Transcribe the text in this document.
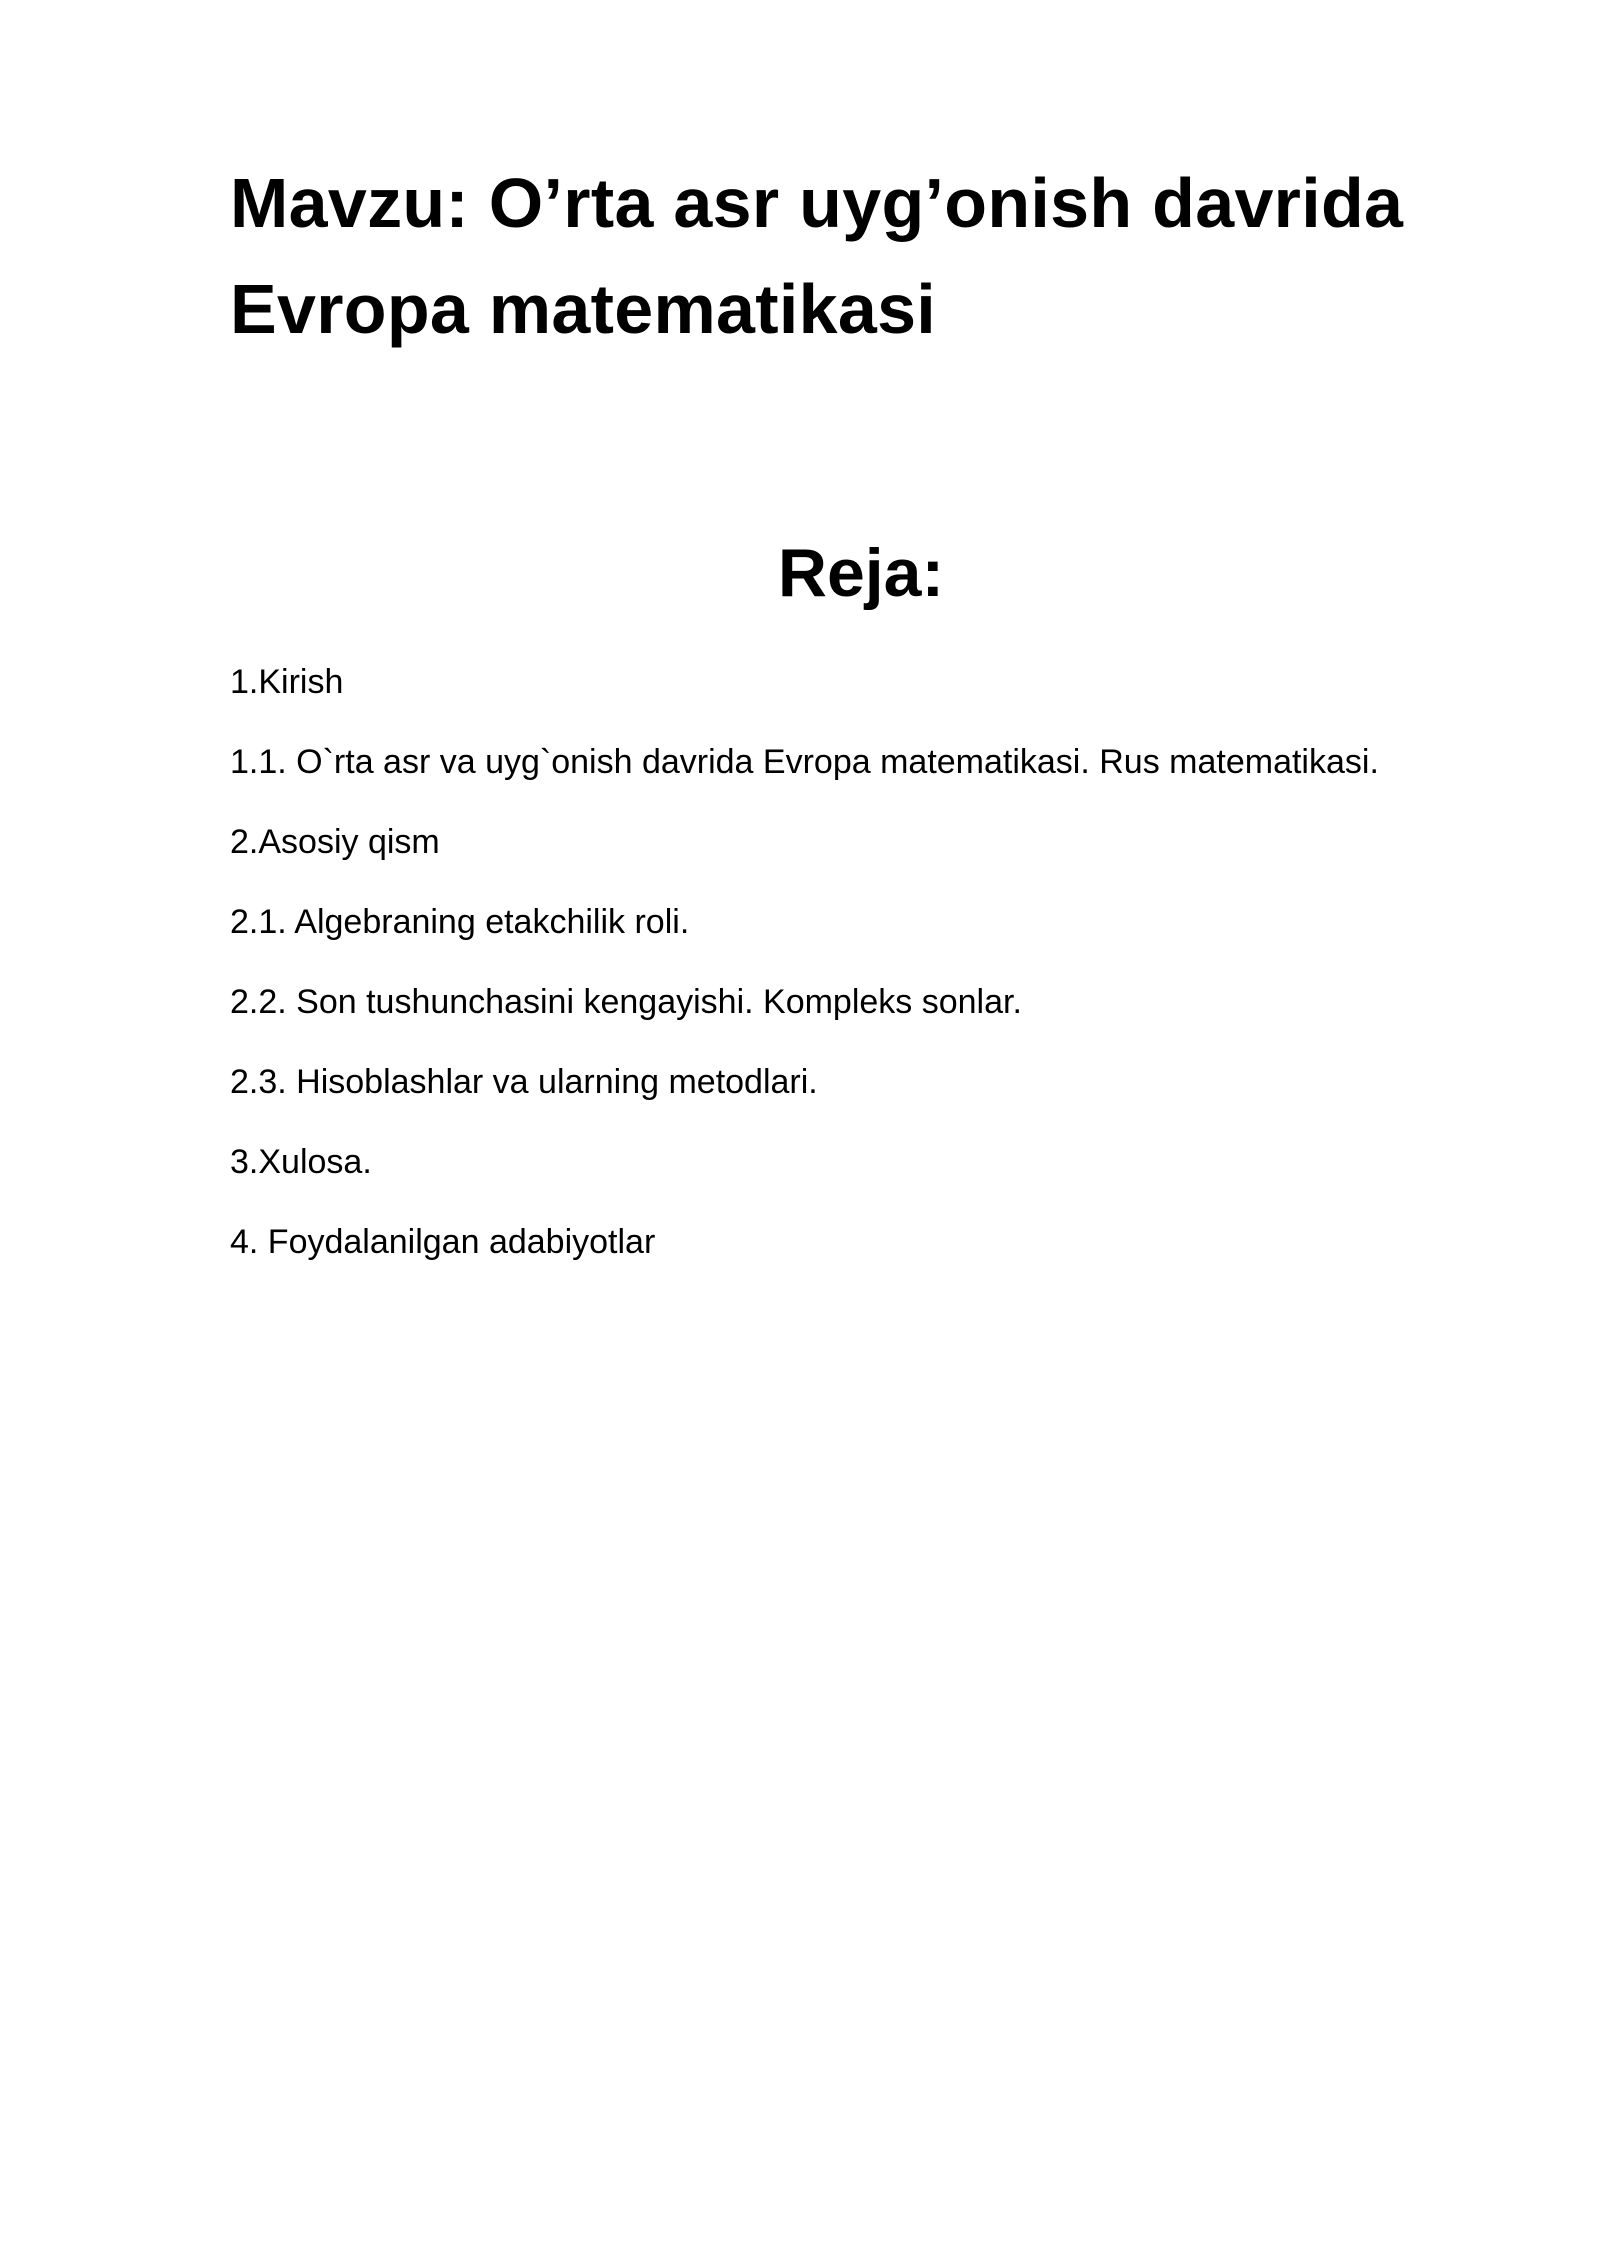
Mavzu: O’rta asr uyg’onish davrida
Evropa matematikasi
Reja:
1.Kirish
1.1. O`rta asr va uyg`onish davrida Evropa matematikasi. Rus matematikasi.
2.Asosiy qism
2.1. Algebraning etakchilik roli.
2.2. Son tushunchasini kengayishi. Kompleks sonlar.
2.3. Hisoblashlar va ularning metodlari.
3.Xulosa.
4. Foydalanilgan adabiyotlar
